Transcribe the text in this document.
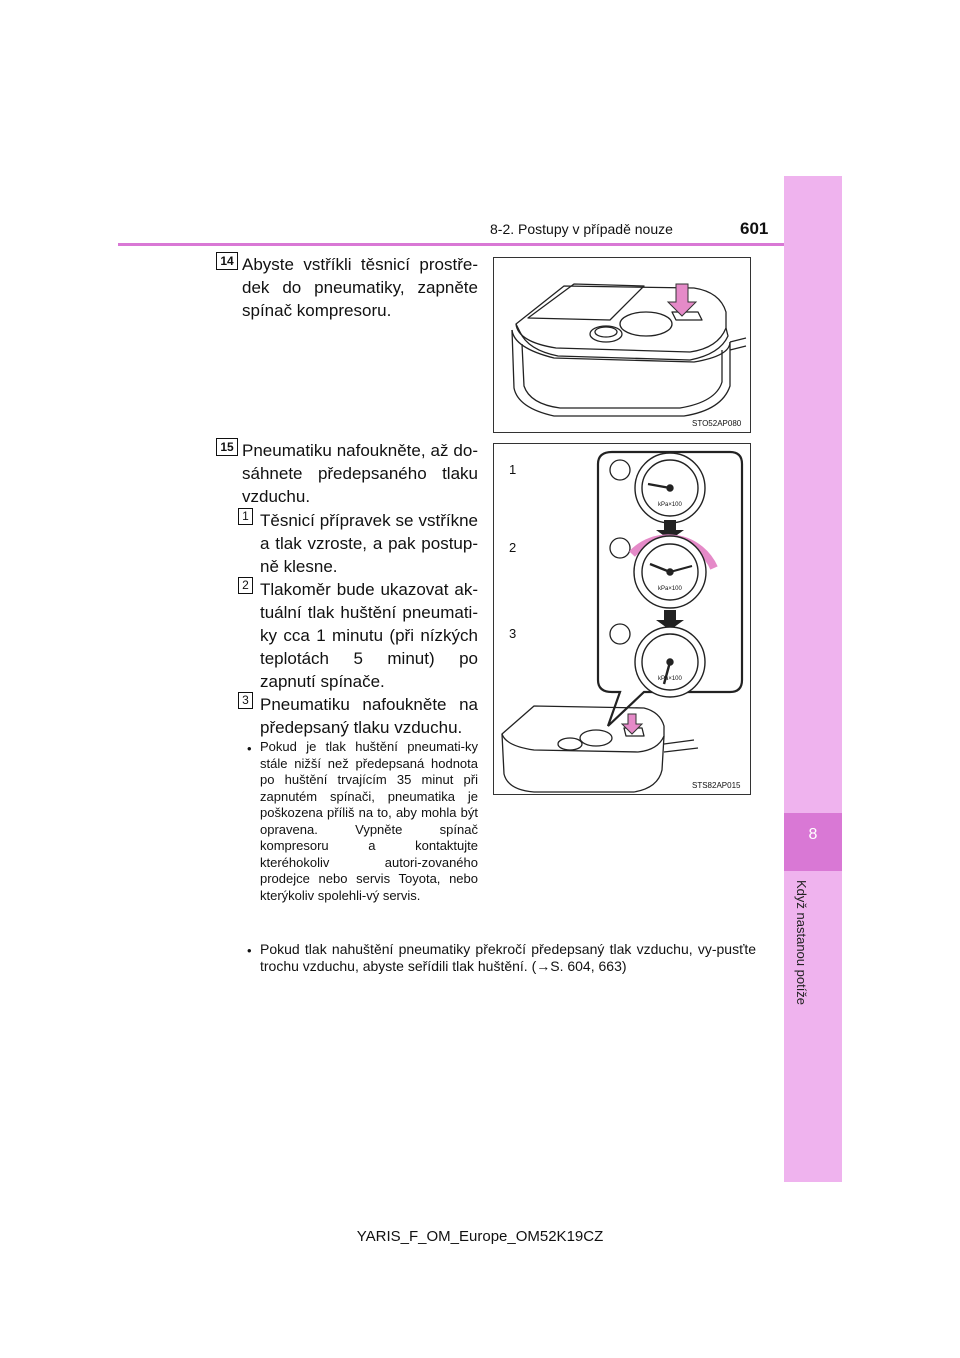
8
Když nastanou potíže
8-2. Postupy v případě nouze	601
14 Abyste vstříkli těsnicí prostře-dek do pneumatiky, zapněte spínač kompresoru.
STO52AP080
15 Pneumatiku nafoukněte, až do-sáhnete předepsaného tlaku vzduchu.
1 Těsnicí přípravek se vstříkne a tlak vzroste, a pak postup-ně klesne.
2 Tlakoměr bude ukazovat ak-tuální tlak huštění pneumati-ky cca 1 minutu (při nízkých teplotách 5 minut) po zapnutí spínače.
3 Pneumatiku nafoukněte na předepsaný tlaku vzduchu.
• Pokud je tlak huštění pneumati-ky stále nižší než předepsaná hodnota po huštění trvajícím 35 minut při zapnutém spínači, pneumatika je poškozena příliš na to, aby mohla být opravena. Vypněte spínač kompresoru a kontaktujte kteréhokoliv autori-zovaného prodejce nebo servis Toyota, nebo kterýkoliv spolehli-vý servis.
• Pokud tlak nahuštění pneumatiky překročí předepsaný tlak vzduchu, vy-pusťte trochu vzduchu, abyste seřídili tlak huštění. (→S. 604, 663)
1
2
3
kPa×100
kPa×100
kPa×100
STS82AP015
YARIS_F_OM_Europe_OM52K19CZ
